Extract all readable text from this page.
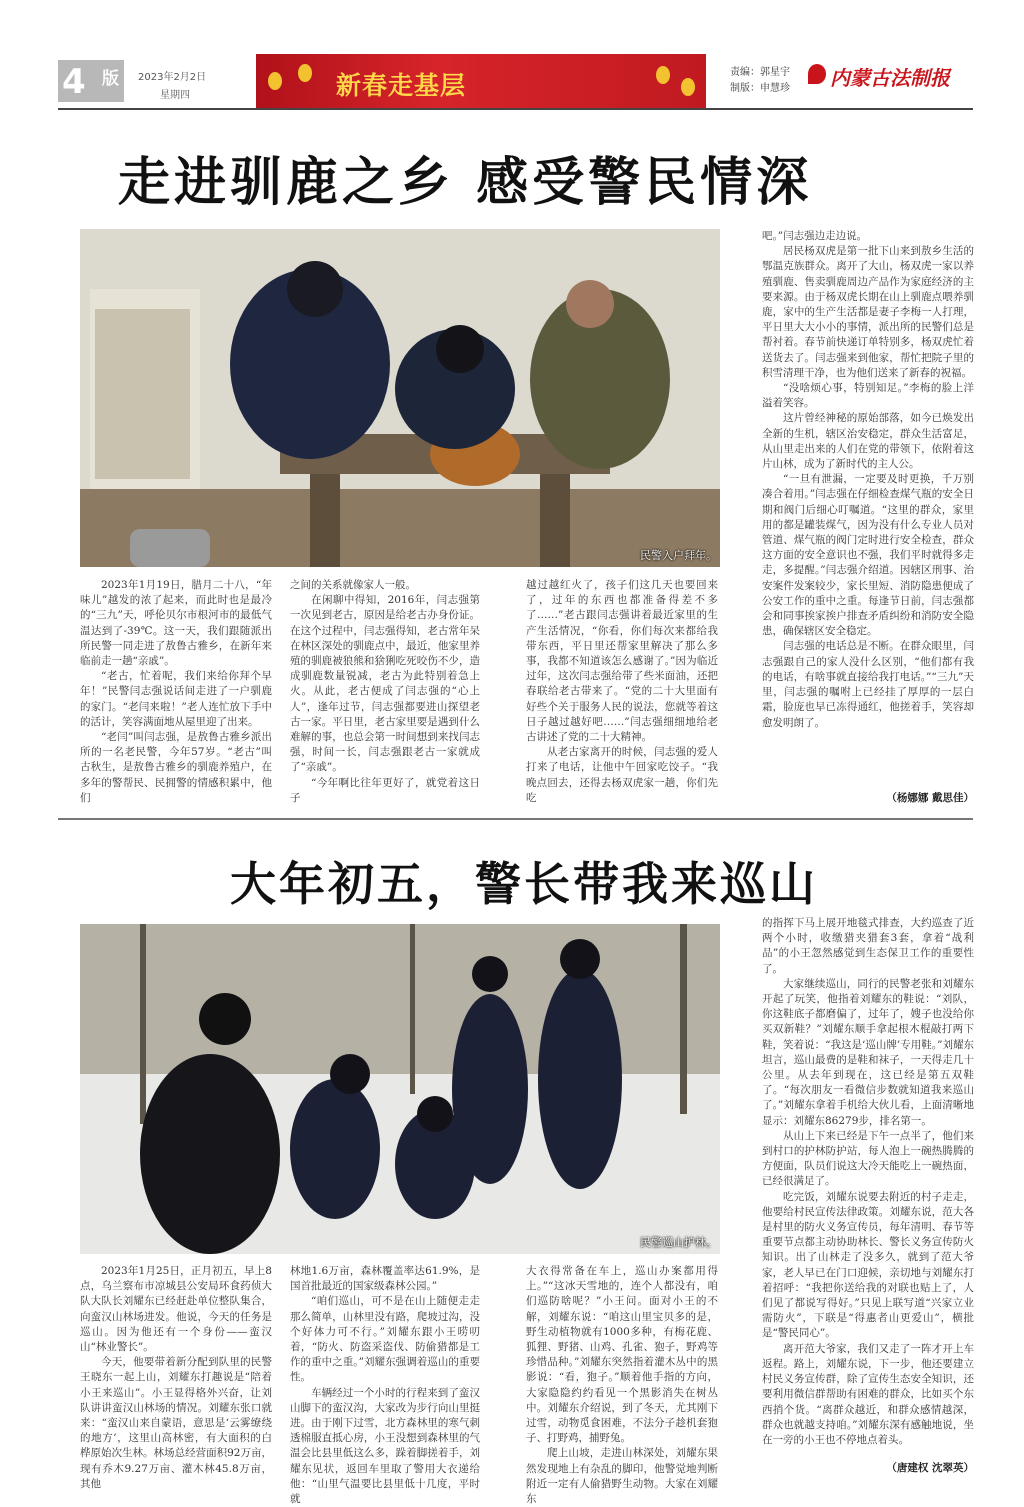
4 版 2023年2月2日
星期四	新春走基层	责编：郭星宇
制版：申慧珍 内蒙古法制报
走进驯鹿之乡 感受警民情深
民警入户拜年。

2023年1月19日，腊月二十八，“年味儿”越发的浓了起来，而此时也是最冷的“三九”天，呼伦贝尔市根河市的最低气温达到了-39℃。这一天，我们跟随派出所民警一同走进了敖鲁古雅乡，在新年来临前走一趟“亲戚”。

“老古，忙着呢，我们来给你拜个早年！”民警闫志强说话间走进了一户驯鹿的家门。“老闫来啦！”老人连忙放下手中的活计，笑容满面地从屋里迎了出来。

“老闫”叫闫志强，是敖鲁古雅乡派出所的一名老民警，今年57岁。“老古”叫古秋生，是敖鲁古雅乡的驯鹿养殖户，在多年的警帮民、民拥警的情感积累中，他们

之间的关系就像家人一般。

在闲聊中得知，2016年，闫志强第一次见到老古，原因是给老古办身份证。在这个过程中，闫志强得知，老古常年呆在林区深处的驯鹿点中，最近，他家里养殖的驯鹿被狼熊和猞猁吃死咬伤不少，造成驯鹿数量锐减，老古为此特别着急上火。从此，老古便成了闫志强的“心上人”，逢年过节，闫志强都要进山探望老古一家。平日里，老古家里要是遇到什么难解的事，也总会第一时间想到来找闫志强，时间一长，闫志强跟老古一家就成了“亲戚”。

“今年啊比往年更好了，就党着这日子

越过越红火了，孩子们这几天也要回来了，过年的东西也都准备得差不多了……”老古跟闫志强讲着最近家里的生产生活情况，“你看，你们每次来都给我带东西，平日里还帮家里解决了那么多事，我都不知道该怎么感谢了。”因为临近过年，这次闫志强给带了些米面油，还把春联给老古带来了。“党的二十大里面有好些个关于服务人民的说法，您就等着这日子越过越好吧……”闫志强细细地给老古讲述了党的二十大精神。

从老古家离开的时候，闫志强的爱人打来了电话，让他中午回家吃饺子。“我晚点回去，还得去杨双虎家一趟，你们先吃

吧。”闫志强边走边说。

居民杨双虎是第一批下山来到敖乡生活的鄂温克族群众。离开了大山，杨双虎一家以养殖驯鹿、售卖驯鹿周边产品作为家庭经济的主要来源。由于杨双虎长期在山上驯鹿点喂养驯鹿，家中的生产生活都是妻子李梅一人打理，平日里大大小小的事情，派出所的民警们总是帮衬着。春节前快递订单特别多，杨双虎忙着送货去了。闫志强来到他家，帮忙把院子里的积雪清理干净，也为他们送来了新春的祝福。

“没啥烦心事，特别知足。”李梅的脸上洋溢着笑容。

这片曾经神秘的原始部落，如今已焕发出全新的生机，辖区治安稳定，群众生活富足，从山里走出来的人们在党的带领下，依附着这片山林，成为了新时代的主人公。

“一旦有泄漏，一定要及时更换，千万别凑合着用。”闫志强在仔细检查煤气瓶的安全日期和阀门后细心叮嘱道。“这里的群众，家里用的都是罐装煤气，因为没有什么专业人员对管道、煤气瓶的阀门定时进行安全检查，群众这方面的安全意识也不强，我们平时就得多走走，多提醒。”闫志强介绍道。因辖区刑事、治安案件发案较少，家长里短、消防隐患便成了公安工作的重中之重。每逢节日前，闫志强都会和同事挨家挨户排查矛盾纠纷和消防安全隐患，确保辖区安全稳定。

闫志强的电话总是不断。在群众眼里，闫志强跟自己的家人没什么区别，“他们都有我的电话，有啥事就直接给我打电话。”“三九”天里，闫志强的嘱咐上已经挂了厚厚的一层白霜，脸庞也早已冻得通红，他搓着手，笑容却愈发明朗了。

（杨娜娜 戴思佳）
大年初五，警长带我来巡山
民警巡山护林。

2023年1月25日，正月初五，早上8点，乌兰察布市凉城县公安局环食药侦大队大队长刘耀东已经赶赴单位整队集合，向蛮汉山林场进发。他说，今天的任务是巡山。因为他还有一个身份——蛮汉山“林业警长”。

今天，他要带着新分配到队里的民警王晓东一起上山，刘耀东打趣说是“陪着小王来巡山”。小王显得格外兴奋，让刘队讲讲蛮汉山林场的情况。刘耀东张口就来：“蛮汉山来自蒙语，意思是‘云雾缭绕的地方’，这里山高林密，有大面积的白桦原始次生林。林场总经营面积92万亩，现有乔木9.27万亩、灌木林45.8万亩，其他

林地1.6万亩，森林覆盖率达61.9%，是国首批最近的国家级森林公园。”

“咱们巡山，可不是在山上随便走走那么简单，山林里没有路，爬坡过沟，没个好体力可不行。”刘耀东跟小王唠叨着，“防火、防盗采盗伐、防偷猎都是工作的重中之重。”刘耀东强调着巡山的重要性。

车辆经过一个小时的行程来到了蛮汉山脚下的蛮汉沟，大家改为步行向山里挺进。由于刚下过雪，北方森林里的寒气刺透棉服直抵心房，小王没想到森林里的气温会比县里低这么多，跺着脚搓着手，刘耀东见状，返回车里取了警用大衣递给他：“山里气温要比县里低十几度，平时就

大衣得常备在车上，巡山办案都用得上。”“这冰天雪地的，连个人都没有，咱们巡防啥呢？”小王问。面对小王的不解，刘耀东说：“咱这山里宝贝多的是，野生动植物就有1000多种，有梅花鹿、狐狸、野猪、山鸡、孔雀、狍子，野鸡等珍惜品种。”刘耀东突然指着灌木丛中的黑影说：“看，狍子。”顺着他手指的方向，大家隐隐约约看见一个黑影消失在树丛中。刘耀东介绍说，到了冬天，尤其刚下过雪，动物觅食困难，不法分子趁机套狍子、打野鸡，捕野兔。

爬上山坡，走进山林深处，刘耀东果然发现地上有杂乱的脚印，他警觉地判断附近一定有人偷猎野生动物。大家在刘耀东

的指挥下马上展开地毯式排查，大约巡查了近两个小时，收缴猎夹猎套3套，拿着“战利品”的小王忽然感觉到生态保卫工作的重要性了。

大家继续巡山，同行的民警老张和刘耀东开起了玩笑，他指着刘耀东的鞋说：“刘队，你这鞋底子都磨偏了，过年了，嫂子也没给你买双新鞋？”刘耀东顺手拿起根木棍敲打两下鞋，笑着说：“我这是‘巡山牌’专用鞋。”刘耀东坦言，巡山最费的是鞋和袜子，一天得走几十公里。从去年到现在，这已经是第五双鞋了。“每次朋友一看微信步数就知道我来巡山了。”刘耀东拿着手机给大伙儿看，上面清晰地显示：刘耀东86279步，排名第一。

从山上下来已经是下午一点半了，他们来到村口的护林防护站，每人泡上一碗热腾腾的方便面，队员们说这大冷天能吃上一碗热面，已经很满足了。

吃完饭，刘耀东说要去附近的村子走走，他要给村民宣传法律政策。刘耀东说，范大各是村里的防火义务宣传员，每年清明、春节等重要节点都主动协助林长、警长义务宣传防火知识。出了山林走了没多久，就到了范大爷家，老人早已在门口迎候，亲切地与刘耀东打着招呼：“我把你送给我的对联也贴上了，人们见了都说写得好。”只见上联写道“兴家立业需防火”，下联是“得惠者山更爱山”，横批是“警民同心”。

离开范大爷家，我们又走了一阵才开上车返程。路上，刘耀东说，下一步，他还要建立村民义务宣传群，除了宣传生态安全知识，还要利用微信群帮助有困难的群众，比如买个东西捎个货。“离群众越近，和群众感情越深，群众也就越支持咱。”刘耀东深有感触地说，坐在一旁的小王也不停地点着头。

（唐建权 沈翠英）
